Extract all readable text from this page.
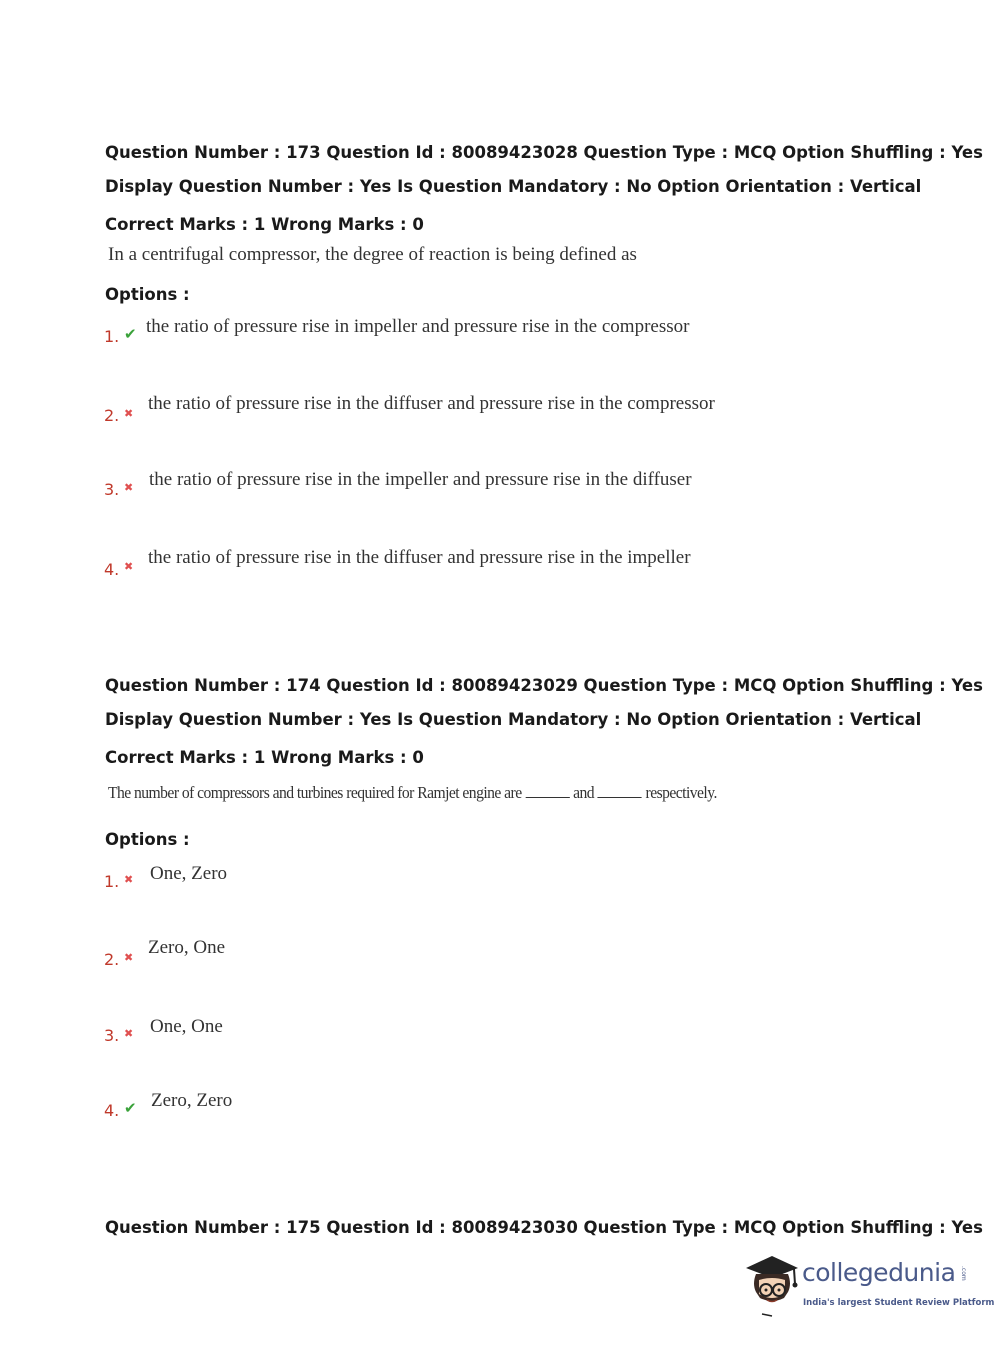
Question Number : 173 Question Id : 80089423028 Question Type : MCQ Option Shuffling : Yes
Display Question Number : Yes Is Question Mandatory : No Option Orientation : Vertical
Correct Marks : 1 Wrong Marks : 0
In a centrifugal compressor, the degree of reaction is being defined as
Options :
1. ✔ the ratio of pressure rise in impeller and pressure rise in the compressor
2. ✖ the ratio of pressure rise in the diffuser and pressure rise in the compressor
3. ✖ the ratio of pressure rise in the impeller and pressure rise in the diffuser
4. ✖ the ratio of pressure rise in the diffuser and pressure rise in the impeller
Question Number : 174 Question Id : 80089423029 Question Type : MCQ Option Shuffling : Yes
Display Question Number : Yes Is Question Mandatory : No Option Orientation : Vertical
Correct Marks : 1 Wrong Marks : 0
The number of compressors and turbines required for Ramjet engine are	and	respectively.
Options :
1. ✖ One, Zero
2. ✖ Zero, One
3. ✖ One, One
4. ✔ Zero, Zero
Question Number : 175 Question Id : 80089423030 Question Type : MCQ Option Shuffling : Yes
collegedunia .com
India's largest Student Review Platform
